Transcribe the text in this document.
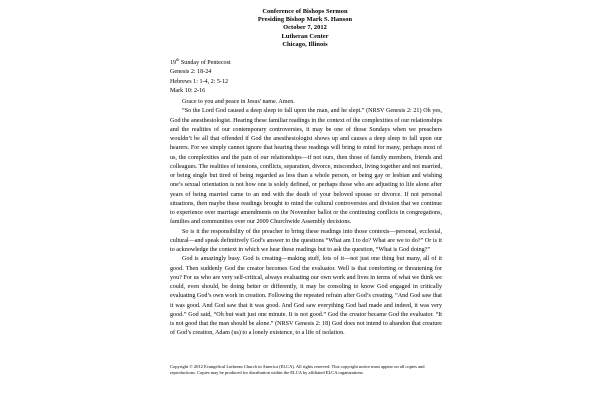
Conference of Bishops Sermon
Presiding Bishop Mark S. Hanson
October 7, 2012
Lutheran Center
Chicago, Illinois
19th Sunday of Pentecost
Genesis 2: 18-24
Hebrews 1: 1-4, 2: 5-12
Mark 10: 2-16

Grace to you and peace in Jesus' name. Amen.

“So the Lord God caused a deep sleep to fall upon the man, and he slept.” (NRSV Genesis 2: 21) Oh yes, God the anesthesiologist. Hearing these familiar readings in the context of the complexities of our relationships and the realities of our contemporary controversies, it may be one of those Sundays when we preachers wouldn’t be all that offended if God the anesthesiologist shows up and causes a deep sleep to fall upon our hearers. For we simply cannot ignore that hearing these readings will bring to mind for many, perhaps most of us, the complexities and the pain of our relationships—if not ours, then those of family members, friends and colleagues. The realities of tensions, conflicts, separation, divorce, misconduct, living together and not married, or being single but tired of being regarded as less than a whole person, or being gay or lesbian and wishing one’s sexual orientation is not how one is solely defined, or perhaps those who are adjusting to life alone after years of being married came to an end with the death of your beloved spouse or divorce. If not personal situations, then maybe these readings brought to mind the cultural controversies and division that we continue to experience over marriage amendments on the November ballot or the continuing conflicts in congregations, families and communities over our 2009 Churchwide Assembly decisions.

So is it the responsibility of the preacher to bring these readings into those contexts—personal, ecclesial, cultural—and speak definitively God’s answer to the questions “What am I to do? What are we to do?” Or is it to acknowledge the context in which we hear these readings but to ask the question, “What is God doing?”

God is amazingly busy. God is creating—making stuff, lots of it—not just one thing but many, all of it good. Then suddenly God the creator becomes God the evaluator. Well is that comforting or threatening for you? For us who are very self-critical, always evaluating our own work and lives in terms of what we think we could, even should, be doing better or differently, it may be consoling to know God engaged in critically evaluating God’s own work in creation. Following the repeated refrain after God’s creating, “And God saw that it was good. And God saw that it was good. And God saw everything God had made and indeed, it was very good.” God said, “Oh but wait just one minute. It is not good.” God the creator became God the evaluator. “It is not good that the man should be alone.” (NRSV Genesis 2: 18) God does not intend to abandon that creature of God’s creation, Adam (us) to a lonely existence, to a life of isolation.

Copyright © 2012 Evangelical Lutheran Church in America (ELCA). All rights reserved. This copyright notice must appear on all copies and reproductions. Copies may be produced for distribution within the ELCA by affiliated ELCA organizations.
